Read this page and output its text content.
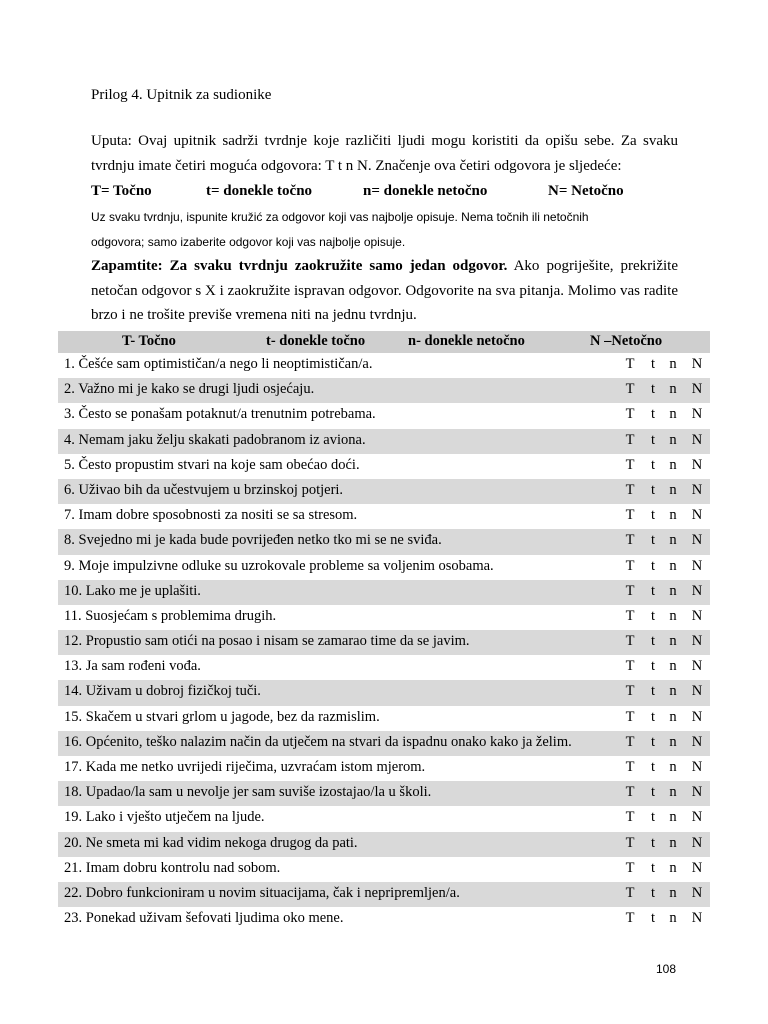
Prilog 4. Upitnik za sudionike
Uputa: Ovaj upitnik sadrži tvrdnje koje različiti ljudi mogu koristiti da opišu sebe. Za svaku
tvrdnju imate četiri moguća odgovora: T t n N. Značenje ova četiri odgovora je sljedeće:
T= Točno	t= donekle točno	n= donekle netočno	N= Netočno
Uz svaku tvrdnju, ispunite kružić za odgovor koji vas najbolje opisuje. Nema točnih ili netočnih
odgovora; samo izaberite odgovor koji vas najbolje opisuje.
Zapamtite: Za svaku tvrdnju zaokružite samo jedan odgovor. Ako pogriješite, prekrižite netočan odgovor s X i zaokružite ispravan odgovor. Odgovorite na sva pitanja. Molimo vas radite brzo i ne trošite previše vremena niti na jednu tvrdnju.
T- Točno	t- donekle točno	n- donekle netočno	N –Netočno
1. Češće sam optimističan/a nego li neoptimističan/a.	T	t n N
2. Važno mi je kako se drugi ljudi osjećaju.	T	t n N
3. Često se ponašam potaknut/a trenutnim potrebama.	T	t n N
4. Nemam jaku želju skakati padobranom iz aviona.	T	t n N
5. Često propustim stvari na koje sam obećao doći.	T	t n N
6. Uživao bih da učestvujem u brzinskoj potjeri.	T	t n N
7. Imam dobre sposobnosti za nositi se sa stresom.	T	t n N
8. Svejedno mi je kada bude povrijeđen netko tko mi se ne sviđa.	T	t n N
9. Moje impulzivne odluke su uzrokovale probleme sa voljenim osobama.	T	t n N
10. Lako me je uplašiti.	T	t n N
11. Suosjećam s problemima drugih.	T	t n N
12. Propustio sam otići na posao i nisam se zamarao time da se javim.	T	t n N
13. Ja sam rođeni vođa.	T	t n N
14. Uživam u dobroj fizičkoj tuči.	T	t n N
15. Skačem u stvari grlom u jagode, bez da razmislim.	T	t n N
16. Općenito, teško nalazim način da utječem na stvari da ispadnu onako kako ja želim.	T	t n N
17. Kada me netko uvrijedi riječima, uzvraćam istom mjerom.	T	t n N
18. Upadao/la sam u nevolje jer sam suviše izostajao/la u školi.	T	t n N
19. Lako i vješto utječem na ljude.	T	t n N
20. Ne smeta mi kad vidim nekoga drugog da pati.	T	t n N
21. Imam dobru kontrolu nad sobom.	T	t n N
22. Dobro funkcioniram u novim situacijama, čak i nepripremljen/a.	T	t n N
23. Ponekad uživam šefovati ljudima oko mene.	T	t n N
108
